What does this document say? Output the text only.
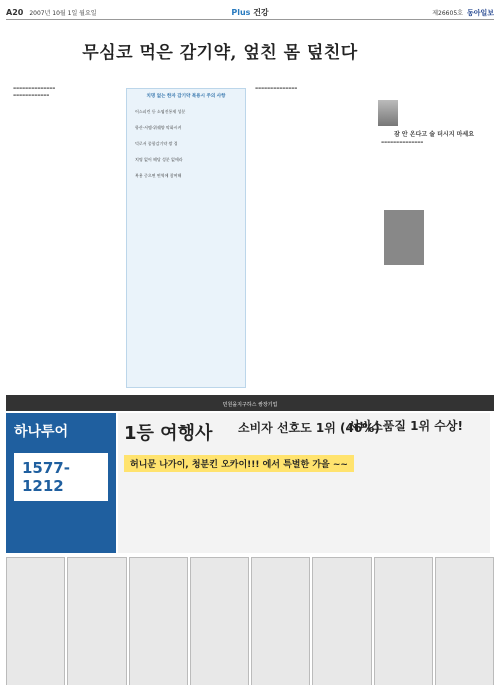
A20 2007년 10월 1일 월요일	Plus 건강	제26605호 동아일보
무심코 먹은 감기약, 엎친 몸 덮친다

▬▬▬▬▬▬▬▬▬▬▬▬▬▬

▬▬▬▬▬▬▬▬▬▬▬▬	치명 없는 한자 감기약 복용시 주의 사항
어스피린 등 소염진통제 성분
항산·서엠·위궤양 악화시켜
덕로서 종합감기약 쌍 경
치명 없어 해당 성분 없애라
복용 중으면 면역에 참여해

▬▬▬▬▬▬▬▬▬▬▬▬▬▬

잠 안 온다고 술 더시지 마세요

▬▬▬▬▬▬▬▬▬▬▬▬▬▬

민원을지구하스 쌍장기업
하나투어
1577-1212
1등 여행사 소비자 선호도 1위 (46%)
서비스품질 1위 수상!
허니문 나가이, 청분킨 오카이!!! 에서 특별한 가을 ~~
